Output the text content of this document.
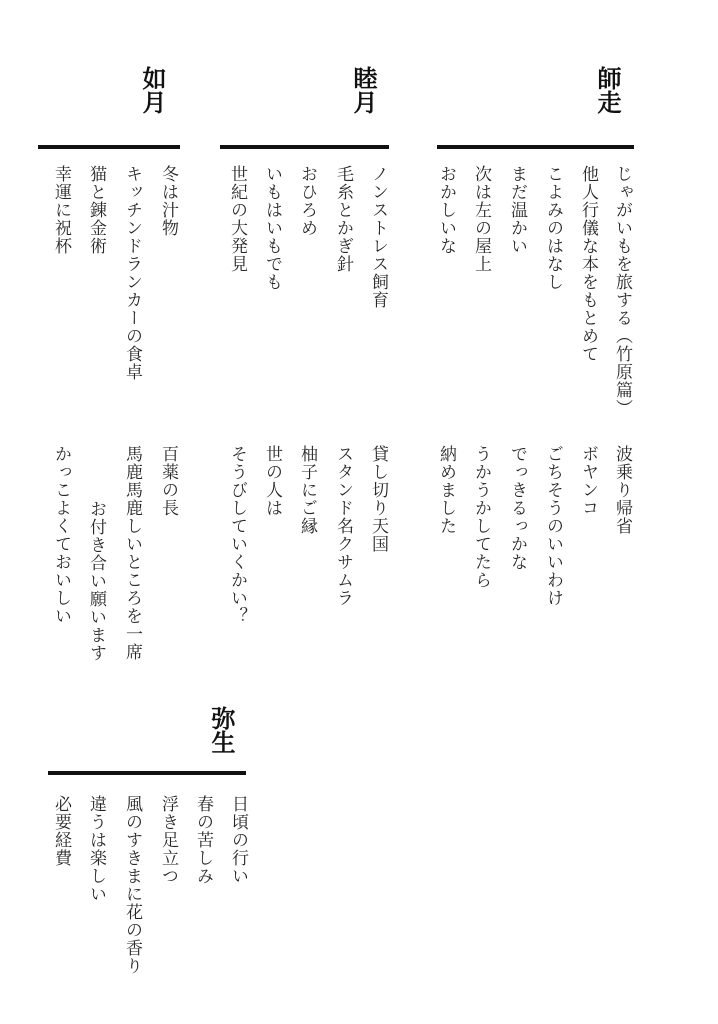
師走
じゃがいもを旅する（竹原篇）
他人行儀な本をもとめて
こよみのはなし
まだ温かい
次は左の屋上
おかしいな
波乗り帰省
ボヤンコ
ごちそうのいいわけ
でっきるっかな
うかうかしてたら
納めました
睦月
ノンストレス飼育
毛糸とかぎ針
おひろめ
いもはいもでも
世紀の大発見
貸し切り天国
スタンド名クサムラ
柚子にご縁
世の人は
そうびしていくかい？
如月
冬は汁物
キッチンドランカーの食卓
猫と錬金術
幸運に祝杯
百薬の長
馬鹿馬鹿しいところを一席
お付き合い願います
かっこよくておいしい
弥生
日頃の行い
春の苦しみ
浮き足立つ
風のすきまに花の香り
違うは楽しい
必要経費
